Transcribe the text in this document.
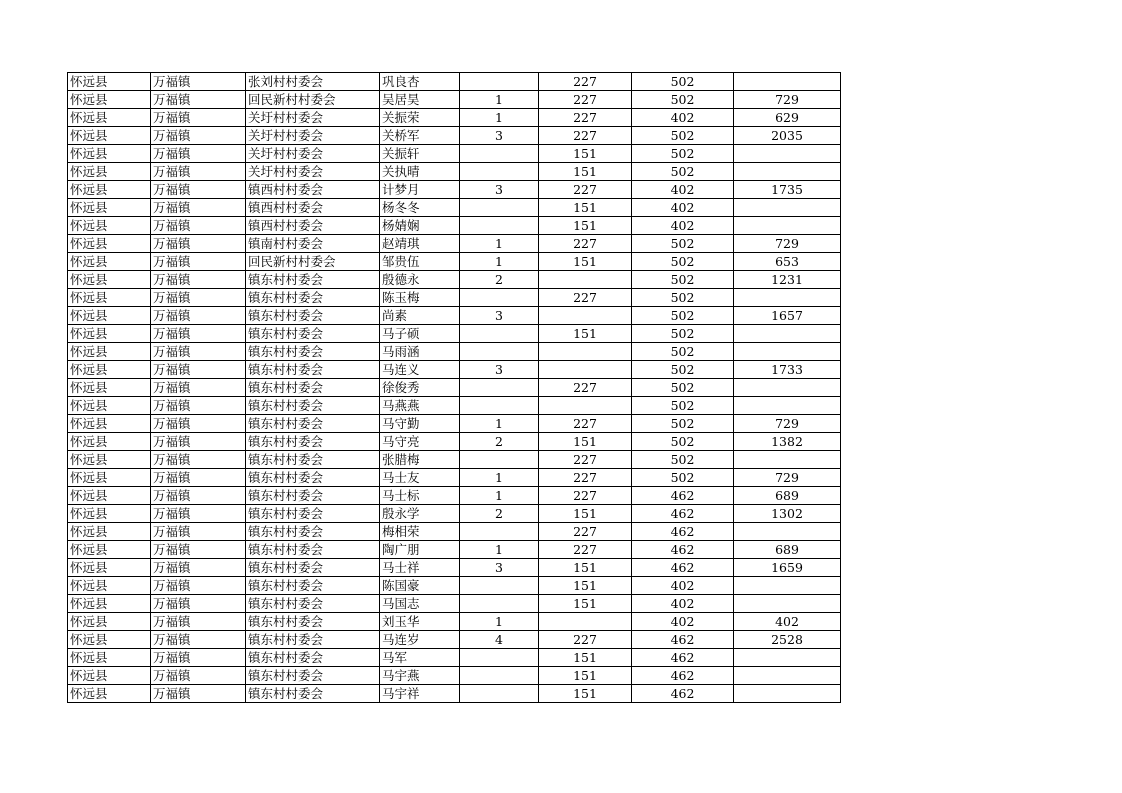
怀远县	万福镇	张刘村村委会	巩良杏		227	502	
怀远县	万福镇	回民新村村委会	吴居昊	1	227	502	729
怀远县	万福镇	关圩村村委会	关振荣	1	227	402	629
怀远县	万福镇	关圩村村委会	关桥军	3	227	502	2035
怀远县	万福镇	关圩村村委会	关振轩		151	502	
怀远县	万福镇	关圩村村委会	关执晴		151	502	
怀远县	万福镇	镇西村村委会	计梦月	3	227	402	1735
怀远县	万福镇	镇西村村委会	杨冬冬		151	402	
怀远县	万福镇	镇西村村委会	杨婧娴		151	402	
怀远县	万福镇	镇南村村委会	赵靖琪	1	227	502	729
怀远县	万福镇	回民新村村委会	邹贵伍	1	151	502	653
怀远县	万福镇	镇东村村委会	殷德永	2		502	1231
怀远县	万福镇	镇东村村委会	陈玉梅		227	502	
怀远县	万福镇	镇东村村委会	尚素	3		502	1657
怀远县	万福镇	镇东村村委会	马子硕		151	502	
怀远县	万福镇	镇东村村委会	马雨涵			502	
怀远县	万福镇	镇东村村委会	马连义	3		502	1733
怀远县	万福镇	镇东村村委会	徐俊秀		227	502	
怀远县	万福镇	镇东村村委会	马燕燕			502	
怀远县	万福镇	镇东村村委会	马守勤	1	227	502	729
怀远县	万福镇	镇东村村委会	马守亮	2	151	502	1382
怀远县	万福镇	镇东村村委会	张腊梅		227	502	
怀远县	万福镇	镇东村村委会	马士友	1	227	502	729
怀远县	万福镇	镇东村村委会	马士标	1	227	462	689
怀远县	万福镇	镇东村村委会	殷永学	2	151	462	1302
怀远县	万福镇	镇东村村委会	梅相荣		227	462	
怀远县	万福镇	镇东村村委会	陶广朋	1	227	462	689
怀远县	万福镇	镇东村村委会	马士祥	3	151	462	1659
怀远县	万福镇	镇东村村委会	陈国豪		151	402	
怀远县	万福镇	镇东村村委会	马国志		151	402	
怀远县	万福镇	镇东村村委会	刘玉华	1		402	402
怀远县	万福镇	镇东村村委会	马连岁	4	227	462	2528
怀远县	万福镇	镇东村村委会	马军		151	462	
怀远县	万福镇	镇东村村委会	马宇燕		151	462	
怀远县	万福镇	镇东村村委会	马宇祥		151	462	
